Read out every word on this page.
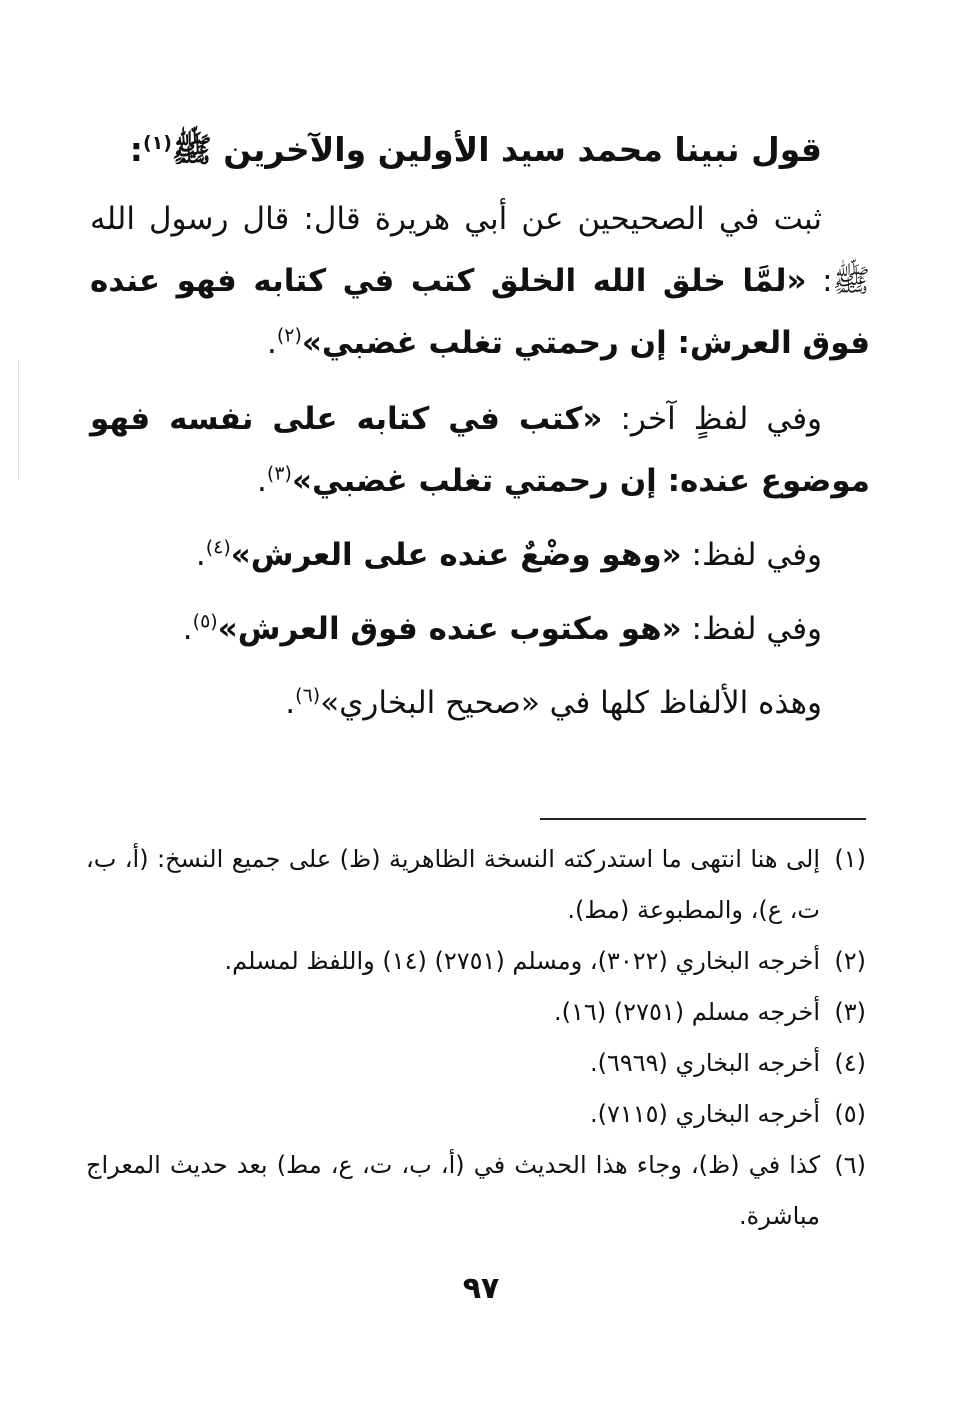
قول نبينا محمد سيد الأولين والآخرين ﷺ$^{(١)}$:
ثبت في الصحيحين عن أبي هريرة قال: قال رسول الله ﷺ: «لمَّا خلق الله الخلق كتب في كتابه فهو عنده فوق العرش: إن رحمتي تغلب غضبي»$^{(٢)}$.
وفي لفظٍ آخر: «كتب في كتابه على نفسه فهو موضوع عنده: إن رحمتي تغلب غضبي»$^{(٣)}$.
وفي لفظ: «وهو وضْعٌ عنده على العرش»$^{(٤)}$.
وفي لفظ: «هو مكتوب عنده فوق العرش»$^{(٥)}$.
وهذه الألفاظ كلها في «صحيح البخاري»$^{(٦)}$.
(١)
إلى هنا انتهى ما استدركته النسخة الظاهرية (ظ) على جميع النسخ: (أ، ب، ت، ع)، والمطبوعة (مط).
(٢)
أخرجه البخاري (٣٠٢٢)، ومسلم (٢٧٥١) (١٤) واللفظ لمسلم.
(٣)
أخرجه مسلم (٢٧٥١) (١٦).
(٤)
أخرجه البخاري (٦٩٦٩).
(٥)
أخرجه البخاري (٧١١٥).
(٦)
كذا في (ظ)، وجاء هذا الحديث في (أ، ب، ت، ع، مط) بعد حديث المعراج مباشرة.
٩٧
